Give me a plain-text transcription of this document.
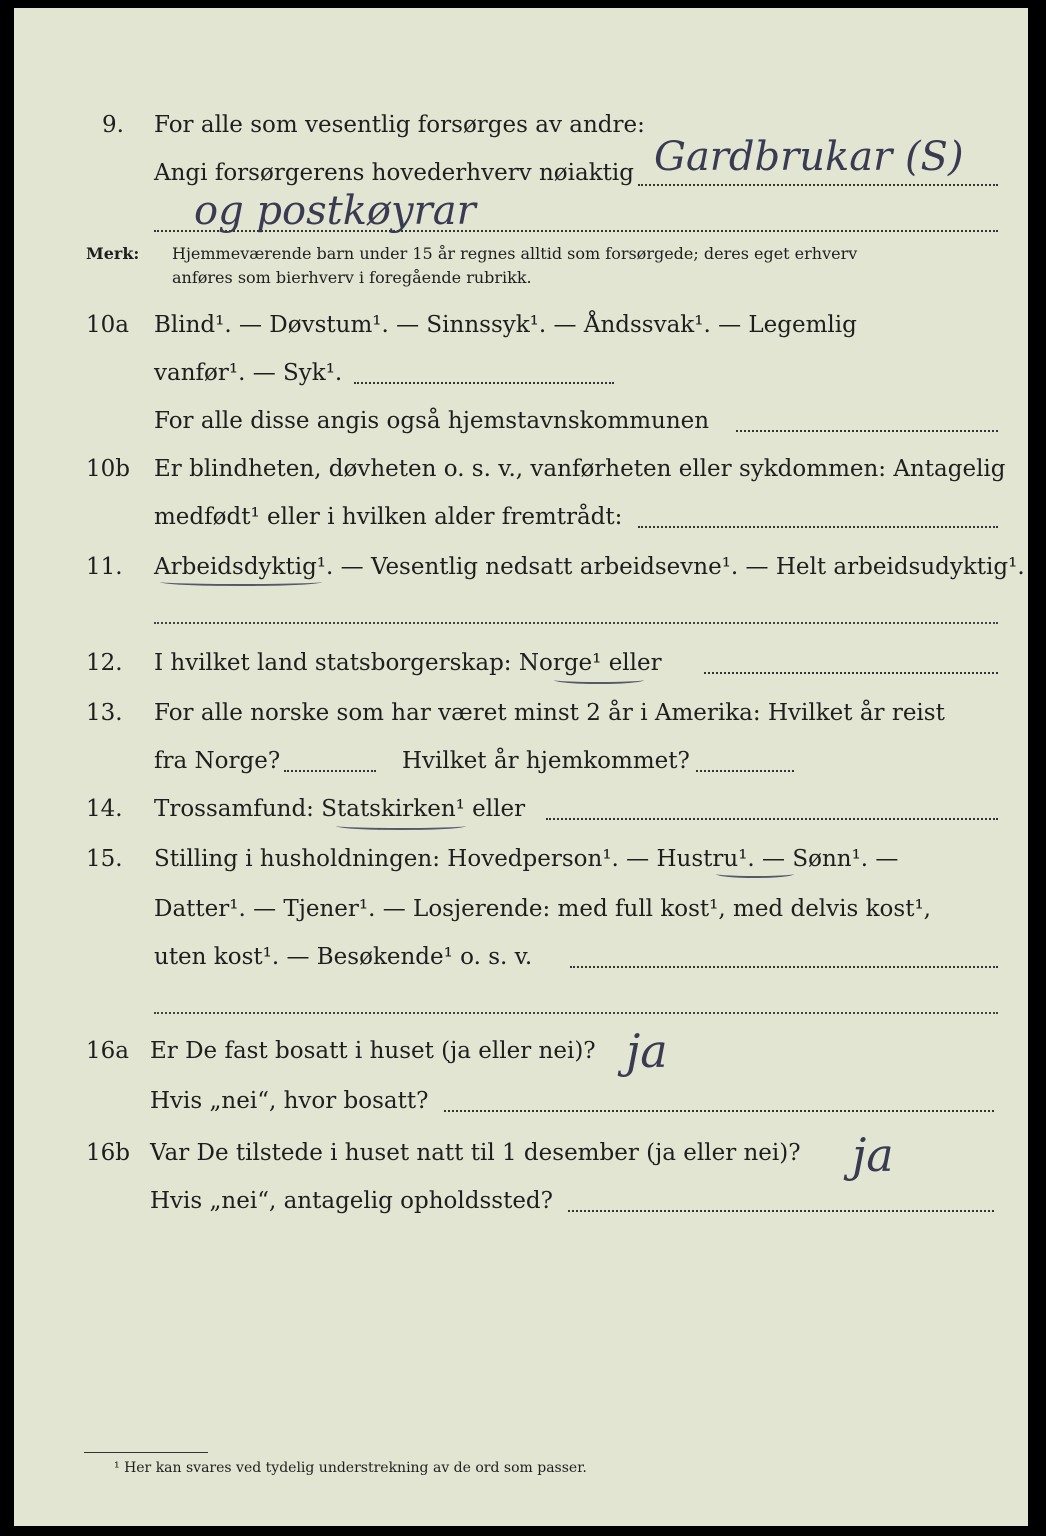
9. For alle som vesentlig forsørges av andre:
Angi forsørgerens hovederhverv nøiaktig Gardbrukar (S)
og postkøyrar
Merk: Hjemmeværende barn under 15 år regnes alltid som forsørgede; deres eget erhverv
anføres som bierhverv i foregående rubrikk.
10a Blind¹. — Døvstum¹. — Sinnssyk¹. — Åndssvak¹. — Legemlig
vanfør¹. — Syk¹.
For alle disse angis også hjemstavnskommunen
10b Er blindheten, døvheten o. s. v., vanførheten eller sykdommen: Antagelig
medfødt¹ eller i hvilken alder fremtrådt:
11. Arbeidsdyktig¹. — Vesentlig nedsatt arbeidsevne¹. — Helt arbeidsudyktig¹.
12. I hvilket land statsborgerskap: Norge¹ eller
13. For alle norske som har været minst 2 år i Amerika: Hvilket år reist
fra Norge?	Hvilket år hjemkommet?
14. Trossamfund: Statskirken¹ eller
15. Stilling i husholdningen: Hovedperson¹. — Hustru¹. — Sønn¹. —
Datter¹. — Tjener¹. — Losjerende: med full kost¹, med delvis kost¹,
uten kost¹. — Besøkende¹ o. s. v.
16a Er De fast bosatt i huset (ja eller nei)? ja
Hvis „nei“, hvor bosatt?
16b Var De tilstede i huset natt til 1 desember (ja eller nei)? ja
Hvis „nei“, antagelig opholdssted?
¹ Her kan svares ved tydelig understrekning av de ord som passer.
